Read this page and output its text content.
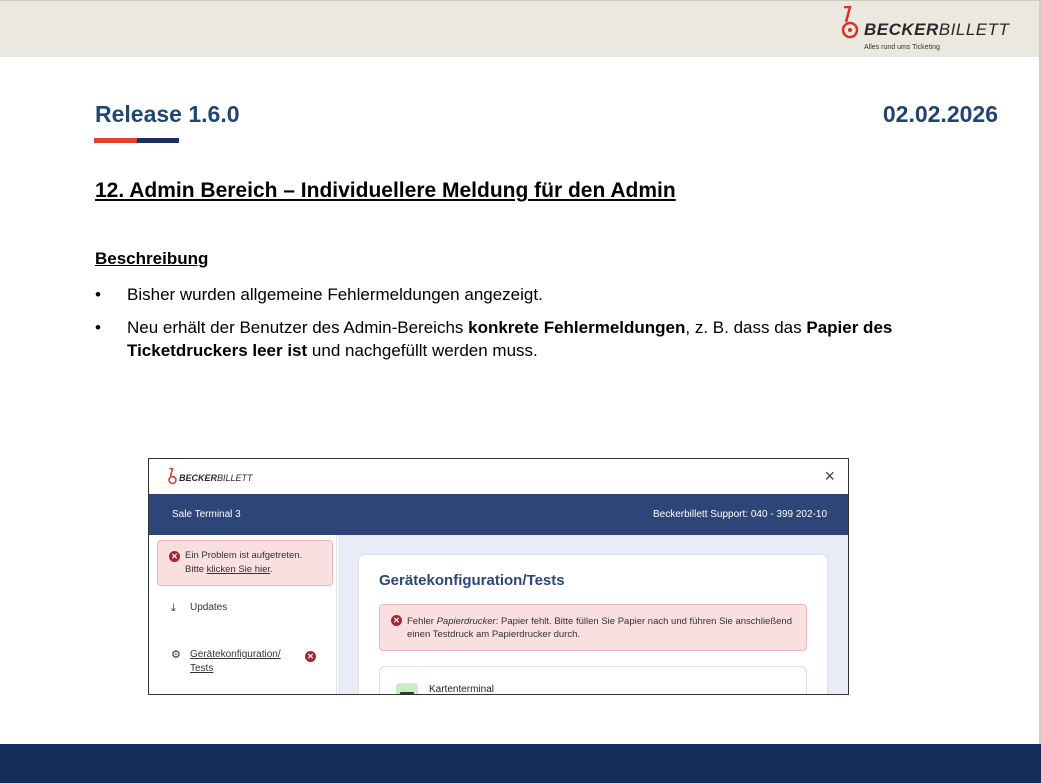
BECKERBILLETT
Alles rund ums Ticketing
Release 1.6.0	02.02.2026
12. Admin Bereich – Individuellere Meldung für den Admin
Beschreibung
• Bisher wurden allgemeine Fehlermeldungen angezeigt.
• Neu erhält der Benutzer des Admin-Bereichs konkrete Fehlermeldungen, z. B. dass das Papier des Ticketdruckers leer ist und nachgefüllt werden muss.
BECKERBILLETT	×
Sale Terminal 3	Beckerbillett Support: 040 - 399 202-10
✕ Ein Problem ist aufgetreten.
Bitte klicken Sie hier.
⤓ Updates
⚙ Gerätekonfiguration/
Tests
✕
Gerätekonfiguration/Tests
✕ Fehler Papierdrucker: Papier fehlt. Bitte füllen Sie Papier nach und führen Sie anschließend einen Testdruck am Papierdrucker durch.
Kartenterminal
